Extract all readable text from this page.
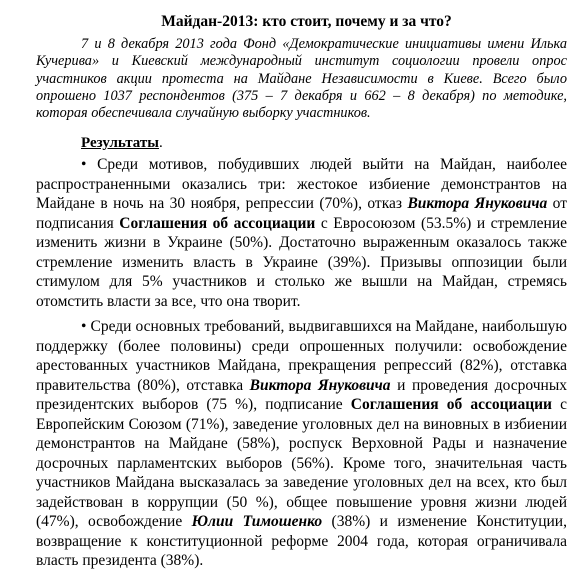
Майдан-2013: кто стоит, почему и за что?

7 и 8 декабря 2013 года Фонд «Демократические инициативы имени Илька Кучерива» и Киевский международный институт социологии провели опрос участников акции протеста на Майдане Независимости в Киеве. Всего было опрошено 1037 респондентов (375 – 7 декабря и 662 – 8 декабря) по методике, которая обеспечивала случайную выборку участников.

Результаты.

• Среди мотивов, побудивших людей выйти на Майдан, наиболее распространенными оказались три: жестокое избиение демонстрантов на Майдане в ночь на 30 ноября, репрессии (70%), отказ Виктора Януковича от подписания Соглашения об ассоциации с Евросоюзом (53.5%) и стремление изменить жизни в Украине (50%). Достаточно выраженным оказалось также стремление изменить власть в Украине (39%). Призывы оппозиции были стимулом для 5% участников и столько же вышли на Майдан, стремясь отомстить власти за все, что она творит.

• Среди основных требований, выдвигавшихся на Майдане, наибольшую поддержку (более половины) среди опрошенных получили: освобождение арестованных участников Майдана, прекращения репрессий (82%), отставка правительства (80%), отставка Виктора Януковича и проведения досрочных президентских выборов (75 %), подписание Соглашения об ассоциации с Европейским Союзом (71%), заведение уголовных дел на виновных в избиении демонстрантов на Майдане (58%), роспуск Верховной Рады и назначение досрочных парламентских выборов (56%). Кроме того, значительная часть участников Майдана высказалась за заведение уголовных дел на всех, кто был задействован в коррупции (50 %), общее повышение уровня жизни людей (47%), освобождение Юлии Тимошенко (38%) и изменение Конституции, возвращение к конституционной реформе 2004 года, которая ограничивала власть президента (38%).
